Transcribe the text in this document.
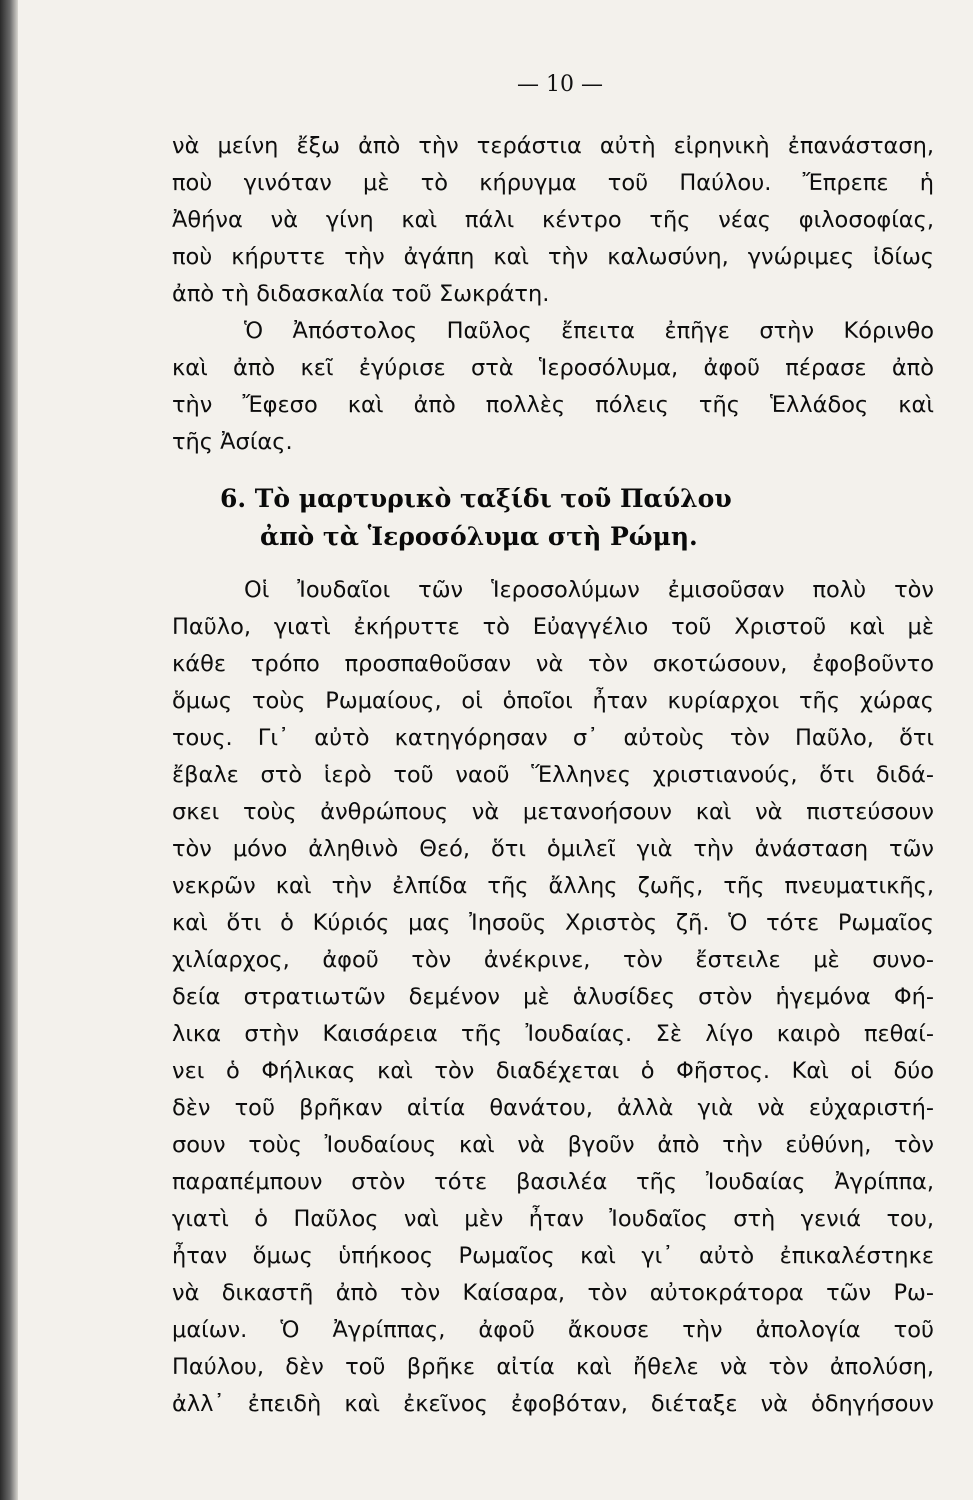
— 10 —
νὰ μείνη ἔξω ἀπὸ τὴν τεράστια αὐτὴ εἰρηνικὴ ἐπανάσταση,
ποὺ γινόταν μὲ τὸ κήρυγμα τοῦ Παύλου. Ἔπρεπε ἡ
Ἀθήνα νὰ γίνη καὶ πάλι κέντρο τῆς νέας φιλοσοφίας,
ποὺ κήρυττε τὴν ἀγάπη καὶ τὴν καλωσύνη, γνώριμες ἰδίως
ἀπὸ τὴ διδασκαλία τοῦ Σωκράτη.
Ὁ Ἀπόστολος Παῦλος ἔπειτα ἐπῆγε στὴν Κόρινθο
καὶ ἀπὸ κεῖ ἐγύρισε στὰ Ἱεροσόλυμα, ἀφοῦ πέρασε ἀπὸ
τὴν Ἔφεσο καὶ ἀπὸ πολλὲς πόλεις τῆς Ἑλλάδος καὶ
τῆς Ἀσίας.
6. Τὸ μαρτυρικὸ ταξίδι τοῦ Παύλου
ἀπὸ τὰ Ἱεροσόλυμα στὴ Ρώμη.
Οἱ Ἰουδαῖοι τῶν Ἱεροσολύμων ἐμισοῦσαν πολὺ τὸν
Παῦλο, γιατὶ ἐκήρυττε τὸ Εὐαγγέλιο τοῦ Χριστοῦ καὶ μὲ
κάθε τρόπο προσπαθοῦσαν νὰ τὸν σκοτώσουν, ἐφοβοῦντο
ὅμως τοὺς Ρωμαίους, οἱ ὁποῖοι ἦταν κυρίαρχοι τῆς χώρας
τους. Γι᾿ αὐτὸ κατηγόρησαν σ᾿ αὐτοὺς τὸν Παῦλο, ὅτι
ἔβαλε στὸ ἱερὸ τοῦ ναοῦ Ἕλληνες χριστιανούς, ὅτι διδά-
σκει τοὺς ἀνθρώπους νὰ μετανοήσουν καὶ νὰ πιστεύσουν
τὸν μόνο ἀληθινὸ Θεό, ὅτι ὁμιλεῖ γιὰ τὴν ἀνάσταση τῶν
νεκρῶν καὶ τὴν ἐλπίδα τῆς ἄλλης ζωῆς, τῆς πνευματικῆς,
καὶ ὅτι ὁ Κύριός μας Ἰησοῦς Χριστὸς ζῆ. Ὁ τότε Ρωμαῖος
χιλίαρχος, ἀφοῦ τὸν ἀνέκρινε, τὸν ἔστειλε μὲ συνο-
δεία στρατιωτῶν δεμένον μὲ ἁλυσίδες στὸν ἡγεμόνα Φή-
λικα στὴν Καισάρεια τῆς Ἰουδαίας. Σὲ λίγο καιρὸ πεθαί-
νει ὁ Φήλικας καὶ τὸν διαδέχεται ὁ Φῆστος. Καὶ οἱ δύο
δὲν τοῦ βρῆκαν αἰτία θανάτου, ἀλλὰ γιὰ νὰ εὐχαριστή-
σουν τοὺς Ἰουδαίους καὶ νὰ βγοῦν ἀπὸ τὴν εὐθύνη, τὸν
παραπέμπουν στὸν τότε βασιλέα τῆς Ἰουδαίας Ἀγρίππα,
γιατὶ ὁ Παῦλος ναὶ μὲν ἦταν Ἰουδαῖος στὴ γενιά του,
ἦταν ὅμως ὑπήκοος Ρωμαῖος καὶ γι᾿ αὐτὸ ἐπικαλέστηκε
νὰ δικαστῆ ἀπὸ τὸν Καίσαρα, τὸν αὐτοκράτορα τῶν Ρω-
μαίων. Ὁ Ἀγρίππας, ἀφοῦ ἄκουσε τὴν ἀπολογία τοῦ
Παύλου, δὲν τοῦ βρῆκε αἰτία καὶ ἤθελε νὰ τὸν ἀπολύση,
ἀλλ᾿ ἐπειδὴ καὶ ἐκεῖνος ἐφοβόταν, διέταξε νὰ ὁδηγήσουν
